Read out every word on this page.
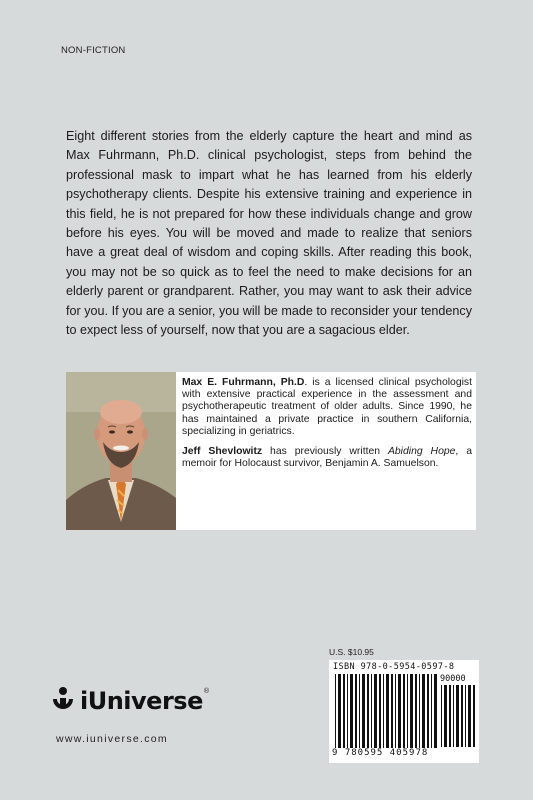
NON-FICTION
Eight different stories from the elderly capture the heart and mind as Max Fuhrmann, Ph.D. clinical psychologist, steps from behind the professional mask to impart what he has learned from his elderly psychotherapy clients. Despite his extensive training and experience in this field, he is not prepared for how these individuals change and grow before his eyes. You will be moved and made to realize that seniors have a great deal of wisdom and coping skills. After reading this book, you may not be so quick as to feel the need to make decisions for an elderly parent or grandparent. Rather, you may want to ask their advice for you. If you are a senior, you will be made to reconsider your tendency to expect less of yourself, now that you are a sagacious elder.

Max E. Fuhrmann, Ph.D. is a licensed clinical psychologist with extensive practical experience in the assessment and psychotherapeutic treatment of older adults. Since 1990, he has maintained a private practice in southern California, specializing in geriatrics.

Jeff Shevlowitz has previously written Abiding Hope, a memoir for Holocaust survivor, Benjamin A. Samuelson.

U.S. $10.95
ISBN 978-0-5954-0597-8
90000
9 780595 405978
iUniverse ®
www.iuniverse.com
